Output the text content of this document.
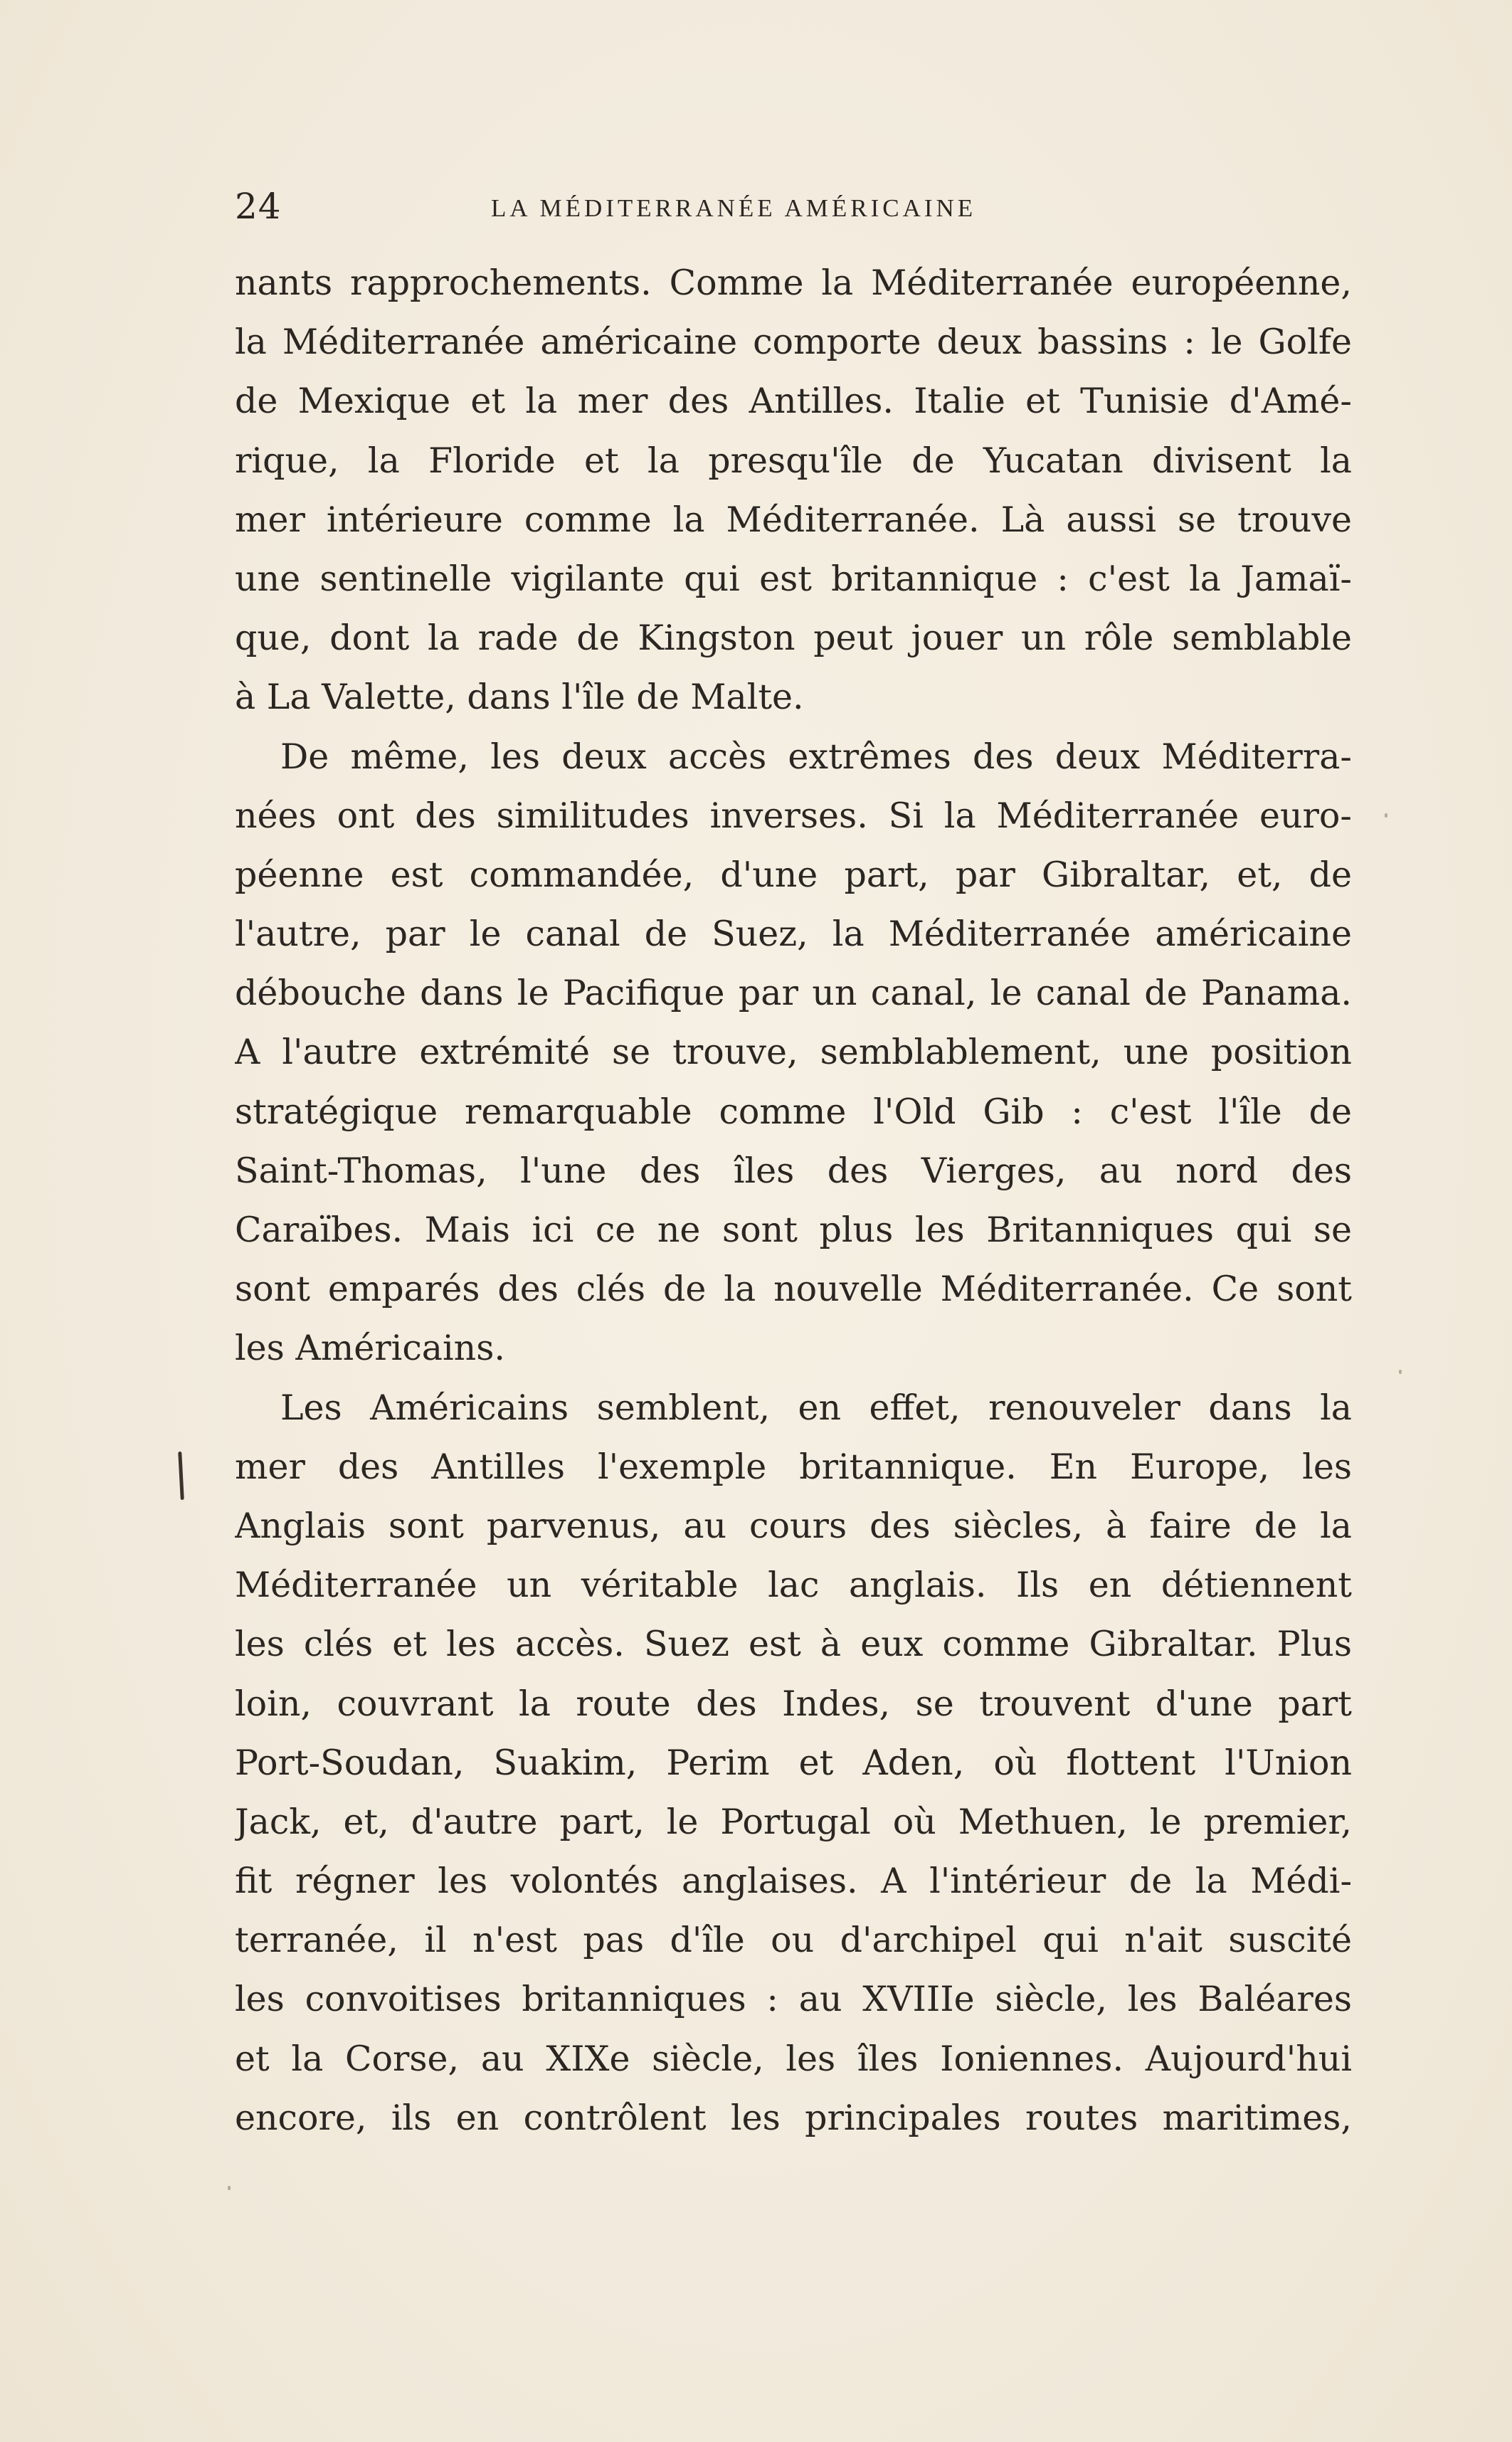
24	LA MÉDITERRANÉE AMÉRICAINE
nants rapprochements. Comme la Méditerranée européenne,
la Méditerranée américaine comporte deux bassins : le Golfe
de Mexique et la mer des Antilles. Italie et Tunisie d'Amé-
rique, la Floride et la presqu'île de Yucatan divisent la
mer intérieure comme la Méditerranée. Là aussi se trouve
une sentinelle vigilante qui est britannique : c'est la Jamaï-
que, dont la rade de Kingston peut jouer un rôle semblable
à La Valette, dans l'île de Malte.
De même, les deux accès extrêmes des deux Méditerra-
nées ont des similitudes inverses. Si la Méditerranée euro-
péenne est commandée, d'une part, par Gibraltar, et, de
l'autre, par le canal de Suez, la Méditerranée américaine
débouche dans le Pacifique par un canal, le canal de Panama.
A l'autre extrémité se trouve, semblablement, une position
stratégique remarquable comme l'Old Gib : c'est l'île de
Saint-Thomas, l'une des îles des Vierges, au nord des
Caraïbes. Mais ici ce ne sont plus les Britanniques qui se
sont emparés des clés de la nouvelle Méditerranée. Ce sont
les Américains.
Les Américains semblent, en effet, renouveler dans la
mer des Antilles l'exemple britannique. En Europe, les
Anglais sont parvenus, au cours des siècles, à faire de la
Méditerranée un véritable lac anglais. Ils en détiennent
les clés et les accès. Suez est à eux comme Gibraltar. Plus
loin, couvrant la route des Indes, se trouvent d'une part
Port-Soudan, Suakim, Perim et Aden, où flottent l'Union
Jack, et, d'autre part, le Portugal où Methuen, le premier,
fit régner les volontés anglaises. A l'intérieur de la Médi-
terranée, il n'est pas d'île ou d'archipel qui n'ait suscité
les convoitises britanniques : au XVIIIe siècle, les Baléares
et la Corse, au XIXe siècle, les îles Ioniennes. Aujourd'hui
encore, ils en contrôlent les principales routes maritimes,
